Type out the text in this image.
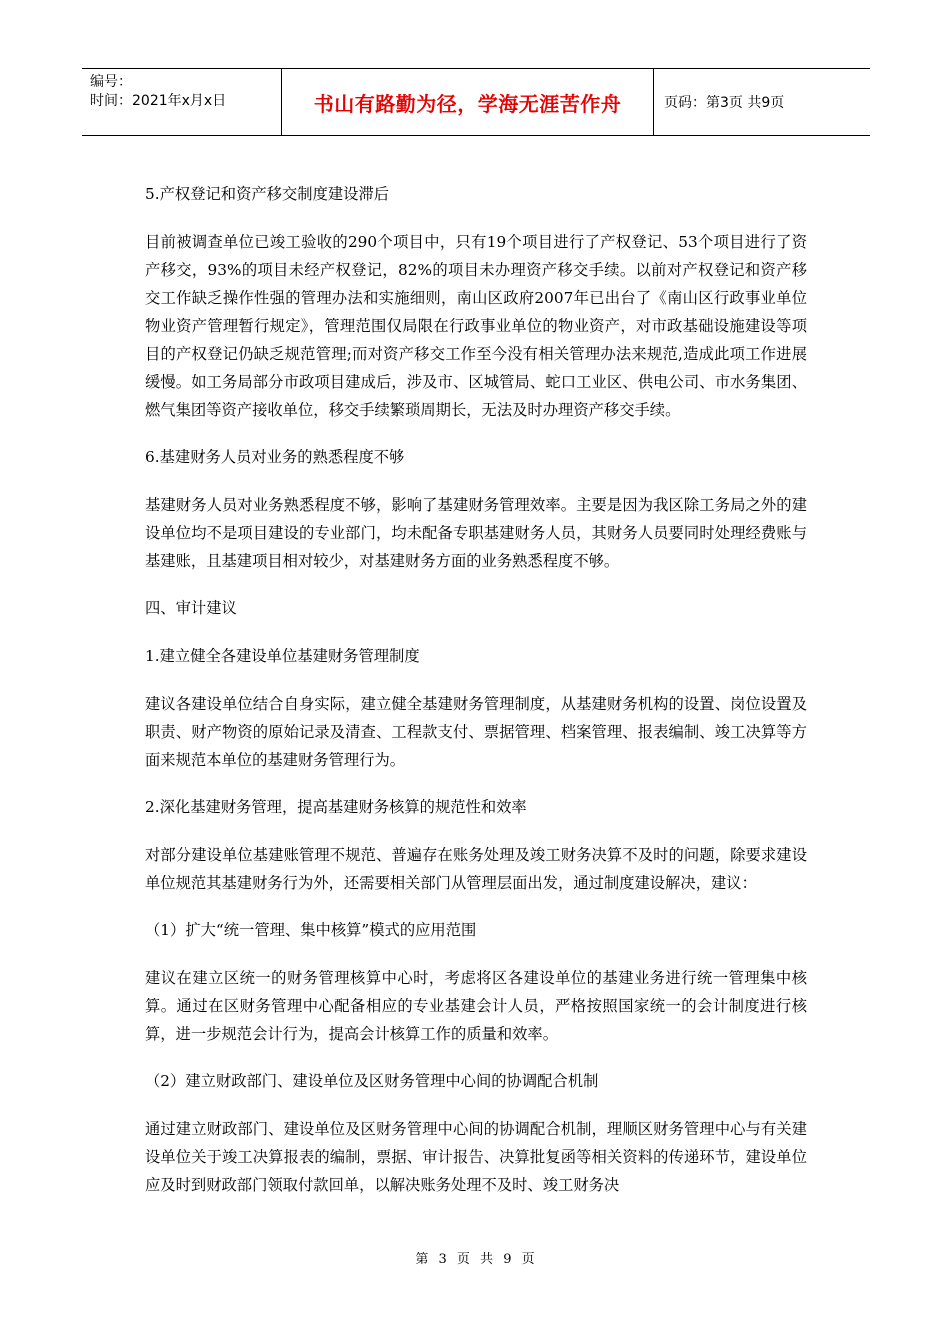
编号：
时间：2021年x月x日	书山有路勤为径，学海无涯苦作舟	页码：第3页 共9页

5.产权登记和资产移交制度建设滞后

目前被调查单位已竣工验收的290个项目中，只有19个项目进行了产权登记、53个项目进行了资产移交，93%的项目未经产权登记，82%的项目未办理资产移交手续。以前对产权登记和资产移交工作缺乏操作性强的管理办法和实施细则，南山区政府2007年已出台了《南山区行政事业单位物业资产管理暂行规定》，管理范围仅局限在行政事业单位的物业资产，对市政基础设施建设等项目的产权登记仍缺乏规范管理;而对资产移交工作至今没有相关管理办法来规范,造成此项工作进展缓慢。如工务局部分市政项目建成后，涉及市、区城管局、蛇口工业区、供电公司、市水务集团、燃气集团等资产接收单位，移交手续繁琐周期长，无法及时办理资产移交手续。

6.基建财务人员对业务的熟悉程度不够

基建财务人员对业务熟悉程度不够，影响了基建财务管理效率。主要是因为我区除工务局之外的建设单位均不是项目建设的专业部门，均未配备专职基建财务人员，其财务人员要同时处理经费账与基建账，且基建项目相对较少，对基建财务方面的业务熟悉程度不够。

四、审计建议

1.建立健全各建设单位基建财务管理制度

建议各建设单位结合自身实际，建立健全基建财务管理制度，从基建财务机构的设置、岗位设置及职责、财产物资的原始记录及清查、工程款支付、票据管理、档案管理、报表编制、竣工决算等方面来规范本单位的基建财务管理行为。

2.深化基建财务管理，提高基建财务核算的规范性和效率

对部分建设单位基建账管理不规范、普遍存在账务处理及竣工财务决算不及时的问题，除要求建设单位规范其基建财务行为外，还需要相关部门从管理层面出发，通过制度建设解决，建议：

（1）扩大“统一管理、集中核算”模式的应用范围

建议在建立区统一的财务管理核算中心时，考虑将区各建设单位的基建业务进行统一管理集中核算。通过在区财务管理中心配备相应的专业基建会计人员，严格按照国家统一的会计制度进行核算，进一步规范会计行为，提高会计核算工作的质量和效率。

（2）建立财政部门、建设单位及区财务管理中心间的协调配合机制

通过建立财政部门、建设单位及区财务管理中心间的协调配合机制，理顺区财务管理中心与有关建设单位关于竣工决算报表的编制，票据、审计报告、决算批复函等相关资料的传递环节，建设单位应及时到财政部门领取付款回单，以解决账务处理不及时、竣工财务决

第 3 页 共 9 页
